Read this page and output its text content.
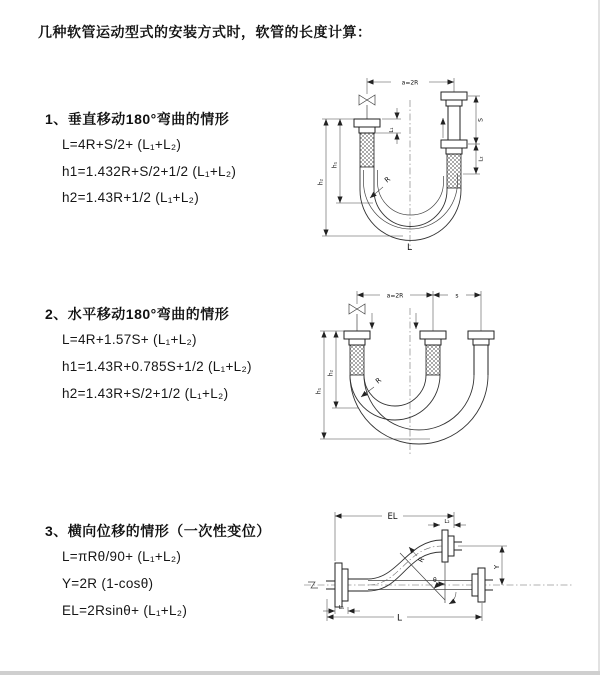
几种软管运动型式的安装方式时，软管的长度计算：
1、垂直移动180°弯曲的情形
L=4R+S/2+ (L₁+L₂)
h1=1.432R+S/2+1/2 (L₁+L₂)
h2=1.43R+1/2 (L₁+L₂)
2、水平移动180°弯曲的情形
L=4R+1.57S+ (L₁+L₂)
h1=1.43R+0.785S+1/2 (L₁+L₂)
h2=1.43R+S/2+1/2 (L₁+L₂)
3、横向位移的情形（一次性变位）
L=πRθ/90+ (L₁+L₂)
Y=2R (1-cosθ)
EL=2Rsinθ+ (L₁+L₂)
a=2R
L₁
S
L₂
h₁
h₂	R
L
a=2R	s
h₂
h₁
R
θ
R
EL	L₂
L₁
Y
L
